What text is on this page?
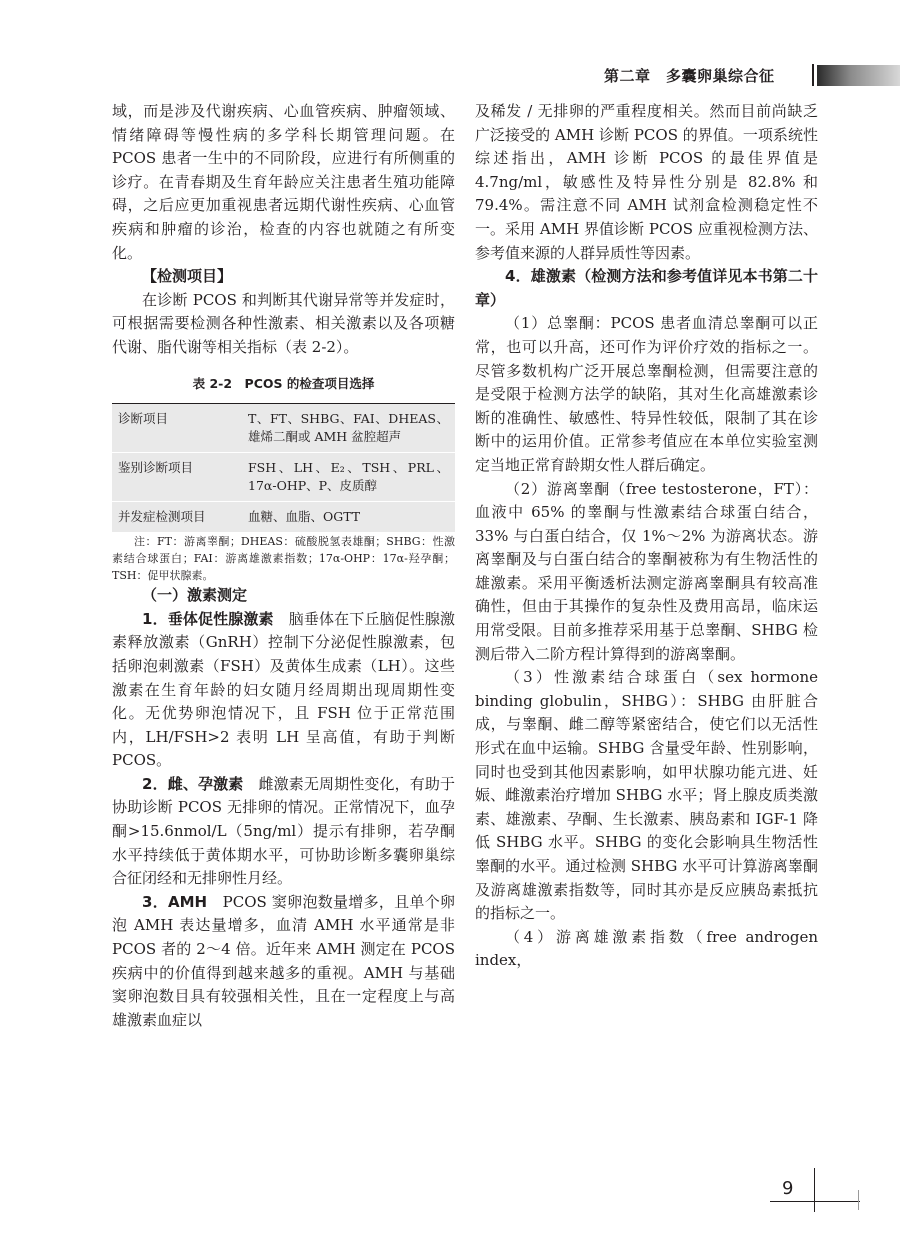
第二章　多囊卵巢综合征

域，而是涉及代谢疾病、心血管疾病、肿瘤领域、情绪障碍等慢性病的多学科长期管理问题。在 PCOS 患者一生中的不同阶段，应进行有所侧重的诊疗。在青春期及生育年龄应关注患者生殖功能障碍，之后应更加重视患者远期代谢性疾病、心血管疾病和肿瘤的诊治，检查的内容也就随之有所变化。

【检测项目】

在诊断 PCOS 和判断其代谢异常等并发症时，可根据需要检测各种性激素、相关激素以及各项糖代谢、脂代谢等相关指标（表 2-2）。

表 2-2　PCOS 的检查项目选择
诊断项目	T、FT、SHBG、FAI、DHEAS、雄烯二酮或 AMH 盆腔超声
鉴别诊断项目	FSH、LH、E₂、TSH、PRL、17α-OHP、P、皮质醇
并发症检测项目	血糖、血脂、OGTT

注：FT：游离睾酮；DHEAS：硫酸脱氢表雄酮；SHBG：性激素结合球蛋白；FAI：游离雄激素指数；17α-OHP：17α-羟孕酮；TSH：促甲状腺素。

（一）激素测定

1．垂体促性腺激素　脑垂体在下丘脑促性腺激素释放激素（GnRH）控制下分泌促性腺激素，包括卵泡刺激素（FSH）及黄体生成素（LH）。这些激素在生育年龄的妇女随月经周期出现周期性变化。无优势卵泡情况下，且 FSH 位于正常范围内，LH/FSH>2 表明 LH 呈高值，有助于判断 PCOS。

2．雌、孕激素　雌激素无周期性变化，有助于协助诊断 PCOS 无排卵的情况。正常情况下，血孕酮>15.6nmol/L（5ng/ml）提示有排卵，若孕酮水平持续低于黄体期水平，可协助诊断多囊卵巢综合征闭经和无排卵性月经。

3．AMH　PCOS 窦卵泡数量增多，且单个卵泡 AMH 表达量增多，血清 AMH 水平通常是非 PCOS 者的 2～4 倍。近年来 AMH 测定在 PCOS 疾病中的价值得到越来越多的重视。AMH 与基础窦卵泡数目具有较强相关性，且在一定程度上与高雄激素血症以

及稀发 / 无排卵的严重程度相关。然而目前尚缺乏广泛接受的 AMH 诊断 PCOS 的界值。一项系统性综述指出，AMH 诊断 PCOS 的最佳界值是 4.7ng/ml，敏感性及特异性分别是 82.8% 和 79.4%。需注意不同 AMH 试剂盒检测稳定性不一。采用 AMH 界值诊断 PCOS 应重视检测方法、参考值来源的人群异质性等因素。

4．雄激素（检测方法和参考值详见本书第二十章）

（1）总睾酮：PCOS 患者血清总睾酮可以正常，也可以升高，还可作为评价疗效的指标之一。尽管多数机构广泛开展总睾酮检测，但需要注意的是受限于检测方法学的缺陷，其对生化高雄激素诊断的准确性、敏感性、特异性较低，限制了其在诊断中的运用价值。正常参考值应在本单位实验室测定当地正常育龄期女性人群后确定。

（2）游离睾酮（free testosterone，FT）：血液中 65% 的睾酮与性激素结合球蛋白结合，33% 与白蛋白结合，仅 1%～2% 为游离状态。游离睾酮及与白蛋白结合的睾酮被称为有生物活性的雄激素。采用平衡透析法测定游离睾酮具有较高准确性，但由于其操作的复杂性及费用高昂，临床运用常受限。目前多推荐采用基于总睾酮、SHBG 检测后带入二阶方程计算得到的游离睾酮。

（3）性激素结合球蛋白（sex hormone binding globulin，SHBG）：SHBG 由肝脏合成，与睾酮、雌二醇等紧密结合，使它们以无活性形式在血中运输。SHBG 含量受年龄、性别影响，同时也受到其他因素影响，如甲状腺功能亢进、妊娠、雌激素治疗增加 SHBG 水平；肾上腺皮质类激素、雄激素、孕酮、生长激素、胰岛素和 IGF-1 降低 SHBG 水平。SHBG 的变化会影响具生物活性睾酮的水平。通过检测 SHBG 水平可计算游离睾酮及游离雄激素指数等，同时其亦是反应胰岛素抵抗的指标之一。

（4）游离雄激素指数（free androgen index，

9
